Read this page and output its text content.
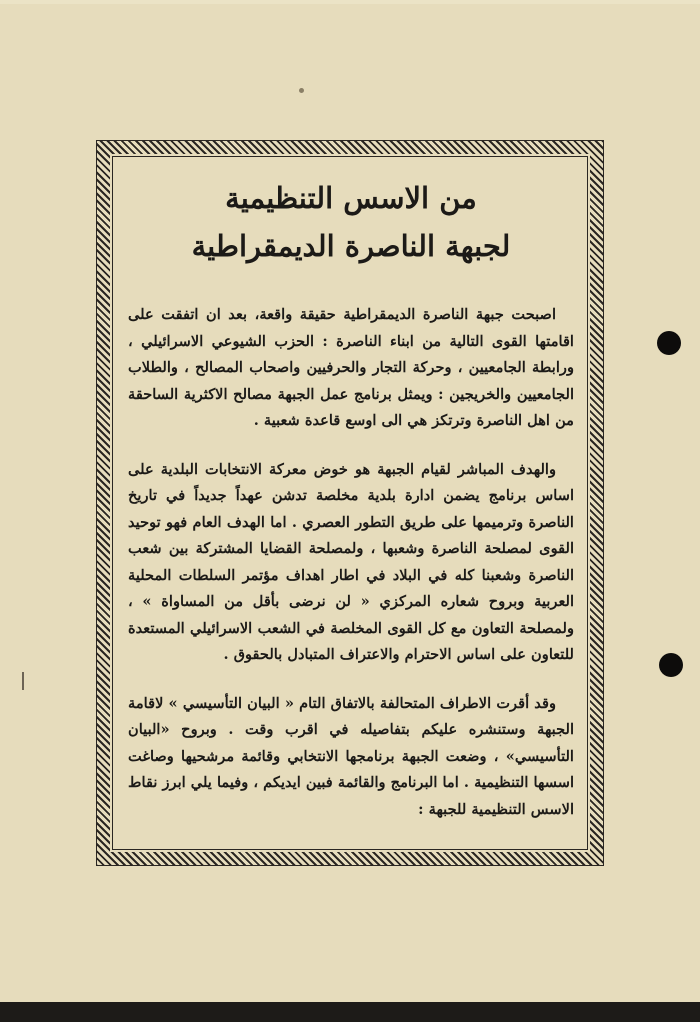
من الاسس التنظيمية
لجبهة الناصرة الديمقراطية

اصبحت جبهة الناصرة الديمقراطية حقيقة واقعة، بعد ان اتفقت على اقامتها القوى التالية من ابناء الناصرة : الحزب الشيوعي الاسرائيلي ، ورابطة الجامعيين ، وحركة التجار والحرفيين واصحاب المصالح ، والطلاب الجامعيين والخريجين : ويمثل برنامج عمل الجبهة مصالح الاكثرية الساحقة من اهل الناصرة وترتكز هي الى اوسع قاعدة شعبية .

والهدف المباشر لقيام الجبهة هو خوض معركة الانتخابات البلدية على اساس برنامج يضمن ادارة بلدية مخلصة تدشن عهداً جديداً في تاريخ الناصرة وترميمها على طريق التطور العصري . اما الهدف العام فهو توحيد القوى لمصلحة الناصرة وشعبها ، ولمصلحة القضايا المشتركة بين شعب الناصرة وشعبنا كله في البلاد في اطار اهداف مؤتمر السلطات المحلية العربية وبروح شعاره المركزي « لن نرضى بأقل من المساواة » ، ولمصلحة التعاون مع كل القوى المخلصة في الشعب الاسرائيلي المستعدة للتعاون على اساس الاحترام والاعتراف المتبادل بالحقوق .

وقد أقرت الاطراف المتحالفة بالاتفاق التام « البيان التأسيسي » لاقامة الجبهة وستنشره عليكم بتفاصيله في اقرب وقت . وبروح «البيان التأسيسي» ، وضعت الجبهة برنامجها الانتخابي وقائمة مرشحيها وصاغت اسسها التنظيمية . اما البرنامج والقائمة فبين ايديكم ، وفيما يلي ابرز نقاط الاسس التنظيمية للجبهة :
